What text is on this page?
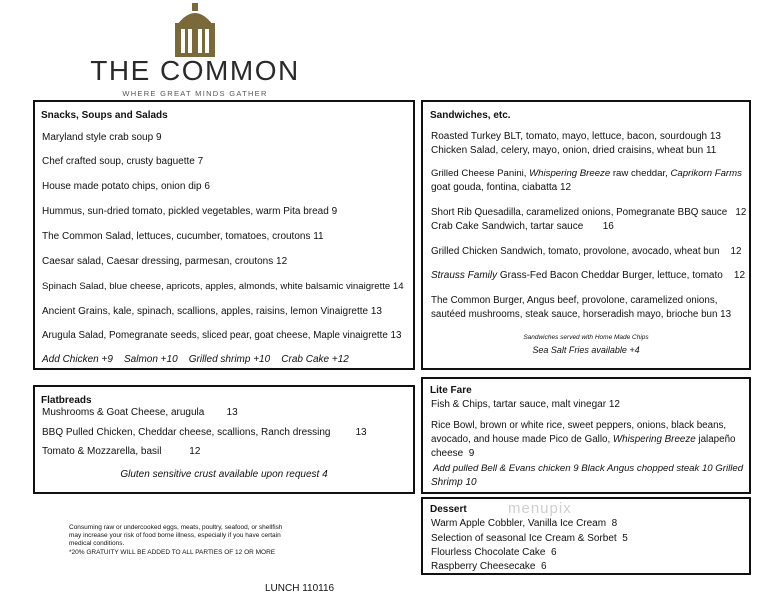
THE COMMON
WHERE GREAT MINDS GATHER
Snacks, Soups and Salads
Maryland style crab soup 9
Chef crafted soup, crusty baguette 7
House made potato chips, onion dip 6
Hummus, sun-dried tomato, pickled vegetables, warm Pita bread 9
The Common Salad, lettuces, cucumber, tomatoes, croutons 11
Caesar salad, Caesar dressing, parmesan, croutons 12
Spinach Salad, blue cheese, apricots, apples, almonds, white balsamic vinaigrette 14
Ancient Grains, kale, spinach, scallions, apples, raisins, lemon Vinaigrette 13
Arugula Salad, Pomegranate seeds, sliced pear, goat cheese, Maple vinaigrette 13
Add Chicken +9    Salmon +10    Grilled shrimp +10    Crab Cake +12
Sandwiches, etc.
Roasted Turkey BLT, tomato, mayo, lettuce, bacon, sourdough 13
Chicken Salad, celery, mayo, onion, dried craisins, wheat bun 11
Grilled Cheese Panini, Whispering Breeze raw cheddar, Caprikorn Farms
goat gouda, fontina, ciabatta 12
Short Rib Quesadilla, caramelized onions, Pomegranate BBQ sauce   12
Crab Cake Sandwich, tartar sauce       16
Grilled Chicken Sandwich, tomato, provolone, avocado, wheat bun    12
Strauss Family Grass-Fed Bacon Cheddar Burger, lettuce, tomato    12
The Common Burger, Angus beef, provolone, caramelized onions,
sautéed mushrooms, steak sauce, horseradish mayo, brioche bun 13
Sandwiches served with Home Made Chips
Sea Salt Fries available +4
Flatbreads
Mushrooms & Goat Cheese, arugula        13
BBQ Pulled Chicken, Cheddar cheese, scallions, Ranch dressing         13
Tomato & Mozzarella, basil          12
Gluten sensitive crust available upon request 4
Lite Fare
Fish & Chips, tartar sauce, malt vinegar 12
Rice Bowl, brown or white rice, sweet peppers, onions, black beans,
avocado, and house made Pico de Gallo, Whispering Breeze jalapeño
cheese  9
Add pulled Bell & Evans chicken 9 Black Angus chopped steak 10 Grilled
Shrimp 10
menupix
Dessert
Warm Apple Cobbler, Vanilla Ice Cream  8
Selection of seasonal Ice Cream & Sorbet  5
Flourless Chocolate Cake  6
Raspberry Cheesecake  6
Consuming raw or undercooked eggs, meats, poultry, seafood, or shellfish
may increase your risk of food borne illness, especially if you have certain
medical conditions.
*20% GRATUITY WILL BE ADDED TO ALL PARTIES OF 12 OR MORE
LUNCH 110116
